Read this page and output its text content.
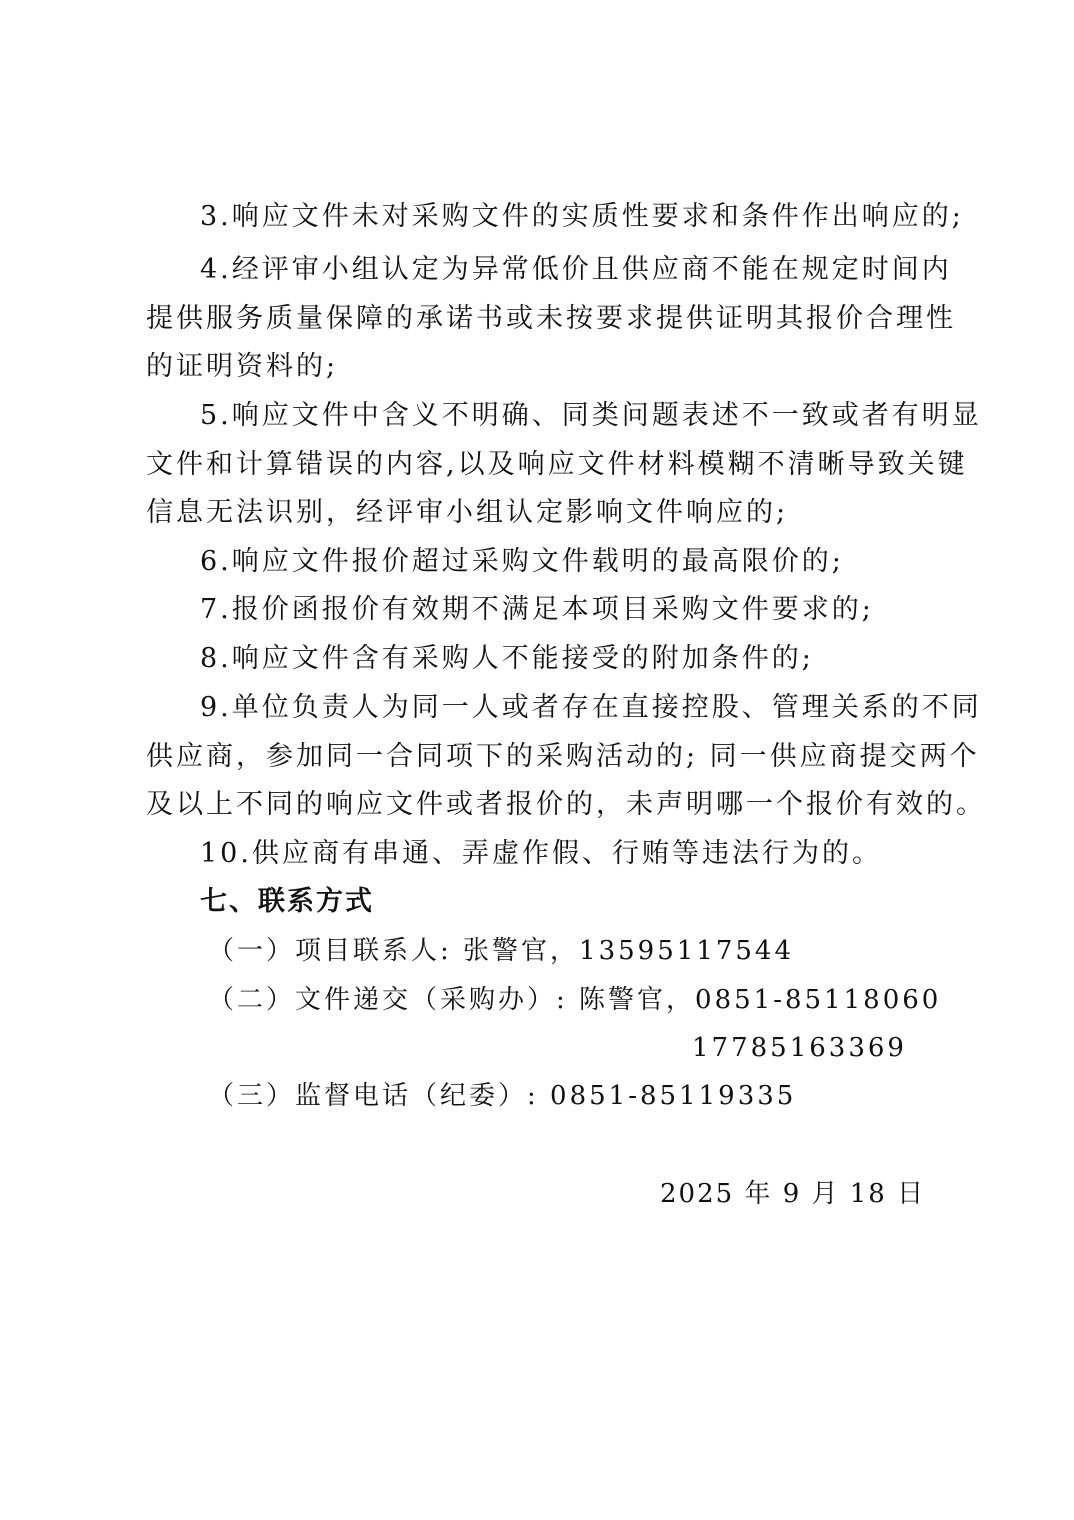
3.响应文件未对采购文件的实质性要求和条件作出响应的;
4.经评审小组认定为异常低价且供应商不能在规定时间内
提供服务质量保障的承诺书或未按要求提供证明其报价合理性
的证明资料的;
5.响应文件中含义不明确、同类问题表述不一致或者有明显
文件和计算错误的内容,以及响应文件材料模糊不清晰导致关键
信息无法识别，经评审小组认定影响文件响应的;
6.响应文件报价超过采购文件载明的最高限价的;
7.报价函报价有效期不满足本项目采购文件要求的;
8.响应文件含有采购人不能接受的附加条件的;
9.单位负责人为同一人或者存在直接控股、管理关系的不同
供应商，参加同一合同项下的采购活动的; 同一供应商提交两个
及以上不同的响应文件或者报价的，未声明哪一个报价有效的。
10.供应商有串通、弄虚作假、行贿等违法行为的。
七、联系方式
（一）项目联系人: 张警官，13595117544
（二）文件递交（采购办）: 陈警官，0851-85118060
17785163369
（三）监督电话（纪委）: 0851-85119335
2025 年 9 月 18 日
